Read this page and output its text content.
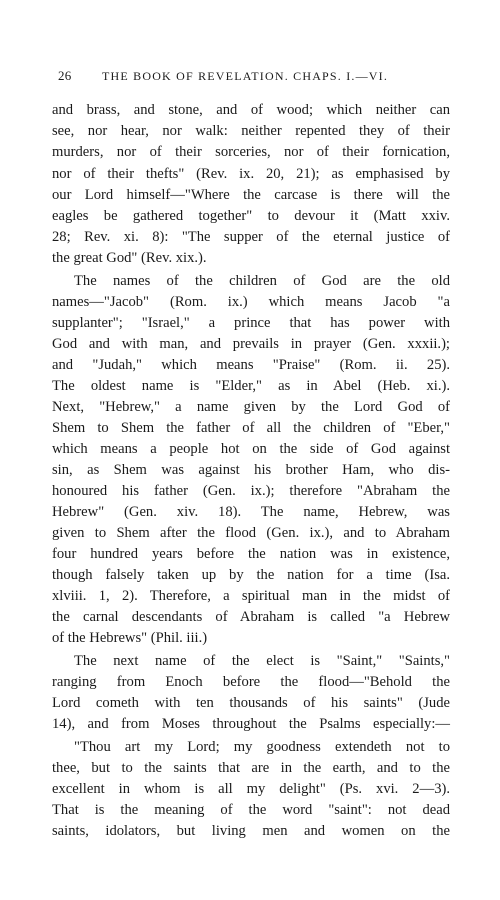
26	THE BOOK OF REVELATION. CHAPS. I.—VI.
and brass, and stone, and of wood; which neither can
see, nor hear, nor walk: neither repented they of their
murders, nor of their sorceries, nor of their fornication,
nor of their thefts" (Rev. ix. 20, 21); as emphasised by
our Lord himself—"Where the carcase is there will the
eagles be gathered together" to devour it (Matt xxiv.
28; Rev. xi. 8): "The supper of the eternal justice of
the great God" (Rev. xix.).
The names of the children of God are the old
names—"Jacob" (Rom. ix.) which means Jacob "a
supplanter"; "Israel," a prince that has power with
God and with man, and prevails in prayer (Gen. xxxii.);
and "Judah," which means "Praise" (Rom. ii. 25).
The oldest name is "Elder," as in Abel (Heb. xi.).
Next, "Hebrew," a name given by the Lord God of
Shem to Shem the father of all the children of "Eber,"
which means a people hot on the side of God against
sin, as Shem was against his brother Ham, who dis-
honoured his father (Gen. ix.); therefore "Abraham the
Hebrew" (Gen. xiv. 18). The name, Hebrew, was
given to Shem after the flood (Gen. ix.), and to Abraham
four hundred years before the nation was in existence,
though falsely taken up by the nation for a time (Isa.
xlviii. 1, 2). Therefore, a spiritual man in the midst of
the carnal descendants of Abraham is called "a Hebrew
of the Hebrews" (Phil. iii.)
The next name of the elect is "Saint," "Saints,"
ranging from Enoch before the flood—"Behold the
Lord cometh with ten thousands of his saints" (Jude
14), and from Moses throughout the Psalms especially:—
"Thou art my Lord; my goodness extendeth not to
thee, but to the saints that are in the earth, and to the
excellent in whom is all my delight" (Ps. xvi. 2—3).
That is the meaning of the word "saint": not dead
saints, idolators, but living men and women on the
